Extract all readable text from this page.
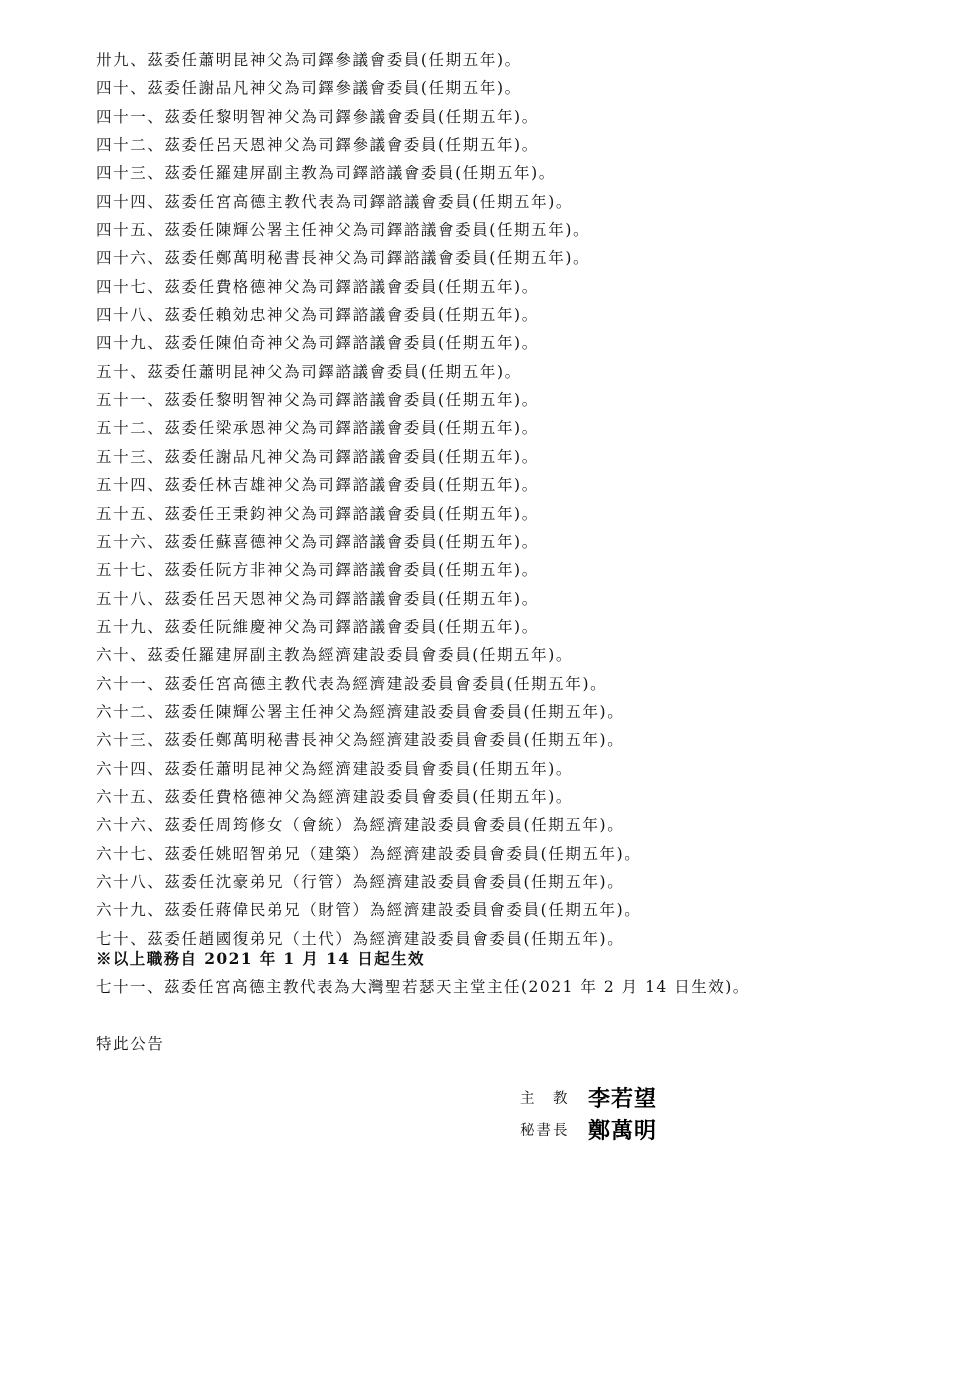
卅九、茲委任蕭明昆神父為司鐸參議會委員(任期五年)。
四十、茲委任謝品凡神父為司鐸參議會委員(任期五年)。
四十一、茲委任黎明智神父為司鐸參議會委員(任期五年)。
四十二、茲委任呂天恩神父為司鐸參議會委員(任期五年)。
四十三、茲委任羅建屏副主教為司鐸諮議會委員(任期五年)。
四十四、茲委任宮高德主教代表為司鐸諮議會委員(任期五年)。
四十五、茲委任陳輝公署主任神父為司鐸諮議會委員(任期五年)。
四十六、茲委任鄭萬明秘書長神父為司鐸諮議會委員(任期五年)。
四十七、茲委任費格德神父為司鐸諮議會委員(任期五年)。
四十八、茲委任賴効忠神父為司鐸諮議會委員(任期五年)。
四十九、茲委任陳伯奇神父為司鐸諮議會委員(任期五年)。
五十、茲委任蕭明昆神父為司鐸諮議會委員(任期五年)。
五十一、茲委任黎明智神父為司鐸諮議會委員(任期五年)。
五十二、茲委任梁承恩神父為司鐸諮議會委員(任期五年)。
五十三、茲委任謝品凡神父為司鐸諮議會委員(任期五年)。
五十四、茲委任林吉雄神父為司鐸諮議會委員(任期五年)。
五十五、茲委任王秉鈞神父為司鐸諮議會委員(任期五年)。
五十六、茲委任蘇喜德神父為司鐸諮議會委員(任期五年)。
五十七、茲委任阮方非神父為司鐸諮議會委員(任期五年)。
五十八、茲委任呂天恩神父為司鐸諮議會委員(任期五年)。
五十九、茲委任阮維慶神父為司鐸諮議會委員(任期五年)。
六十、茲委任羅建屏副主教為經濟建設委員會委員(任期五年)。
六十一、茲委任宮高德主教代表為經濟建設委員會委員(任期五年)。
六十二、茲委任陳輝公署主任神父為經濟建設委員會委員(任期五年)。
六十三、茲委任鄭萬明秘書長神父為經濟建設委員會委員(任期五年)。
六十四、茲委任蕭明昆神父為經濟建設委員會委員(任期五年)。
六十五、茲委任費格德神父為經濟建設委員會委員(任期五年)。
六十六、茲委任周筠修女（會統）為經濟建設委員會委員(任期五年)。
六十七、茲委任姚昭智弟兄（建築）為經濟建設委員會委員(任期五年)。
六十八、茲委任沈豪弟兄（行管）為經濟建設委員會委員(任期五年)。
六十九、茲委任蔣偉民弟兄（財管）為經濟建設委員會委員(任期五年)。
七十、茲委任趙國復弟兄（土代）為經濟建設委員會委員(任期五年)。
※以上職務自 2021 年 1 月 14 日起生效
七十一、茲委任宮高德主教代表為大灣聖若瑟天主堂主任(2021 年 2 月 14 日生效)。
特此公告
主　教 李若望
秘書長 鄭萬明
